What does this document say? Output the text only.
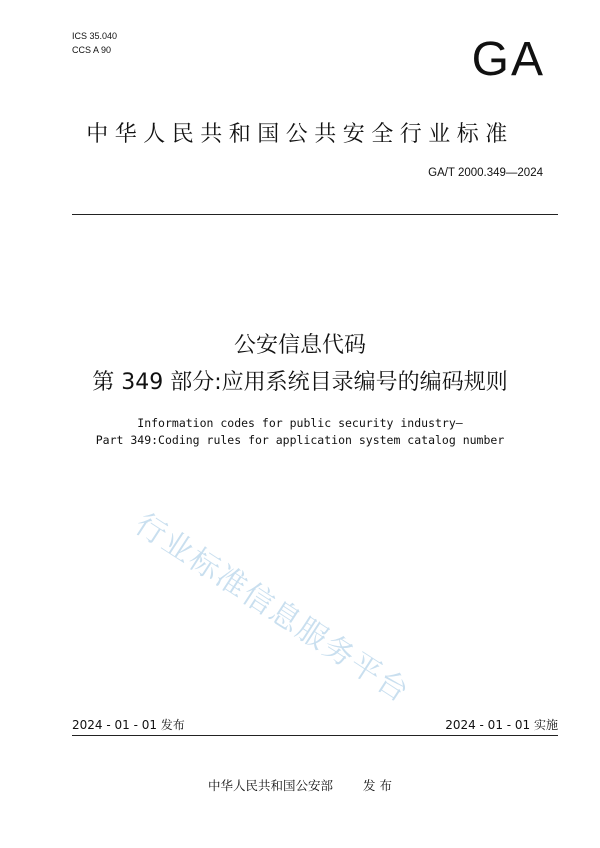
ICS 35.040
CCS A 90	GA
中华人民共和国公共安全行业标准
GA/T 2000.349—2024
公安信息代码
第 349 部分:应用系统目录编号的编码规则
Information codes for public security industry—
Part 349:Coding rules for application system catalog number
行业标准信息服务平台
2024 - 01 - 01 发布	2024 - 01 - 01 实施
中华人民共和国公安部 发 布
